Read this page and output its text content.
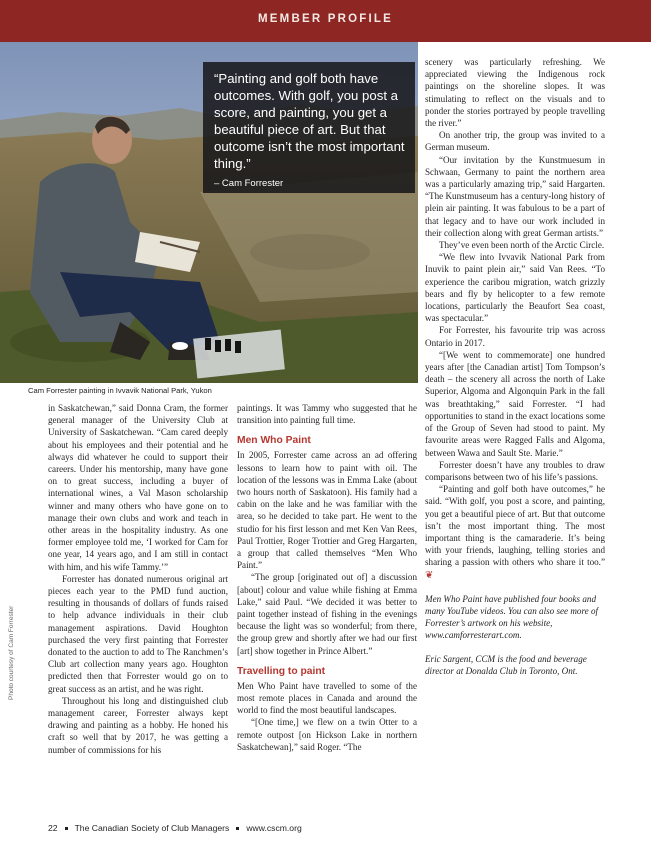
MEMBER PROFILE
“Painting and golf both have outcomes. With golf, you post a score, and painting, you get a beautiful piece of art. But that outcome isn’t the most important thing.”
– Cam Forrester
Cam Forrester painting in Ivvavik National Park, Yukon
Photo courtesy of Cam Forrester

in Saskatchewan,” said Donna Cram, the former general manager of the University Club at University of Saskatchewan. “Cam cared deeply about his employees and their potential and he always did whatever he could to support their careers. Under his mentorship, many have gone on to great success, including a buyer of international wines, a Val Mason scholarship winner and many others who have gone on to manage their own clubs and work and teach in other areas in the hospitality industry. As one former employee told me, ‘I worked for Cam for one year, 14 years ago, and I am still in contact with him, and his wife Tammy.’”

Forrester has donated numerous original art pieces each year to the PMD fund auction, resulting in thousands of dollars of funds raised to help advance individuals in their club management aspirations. David Houghton purchased the very first painting that Forrester donated to the auction to add to The Ranchmen’s Club art collection many years ago. Houghton predicted then that Forrester would go on to great success as an artist, and he was right.

Throughout his long and distinguished club management career, Forrester always kept drawing and painting as a hobby. He honed his craft so well that by 2017, he was getting a number of commissions for his

paintings. It was Tammy who suggested that he transition into painting full time.

Men Who Paint

In 2005, Forrester came across an ad offering lessons to learn how to paint with oil. The location of the lessons was in Emma Lake (about two hours north of Saskatoon). His family had a cabin on the lake and he was familiar with the area, so he decided to take part. He went to the studio for his first lesson and met Ken Van Rees, Paul Trottier, Roger Trottier and Greg Hargarten, a group that called themselves “Men Who Paint.”

“The group [originated out of] a discussion [about] colour and value while fishing at Emma Lake,” said Paul. “We decided it was better to paint together instead of fishing in the evenings because the light was so wonderful; from there, the group grew and shortly after we had our first [art] show together in Prince Albert.”

Travelling to paint

Men Who Paint have travelled to some of the most remote places in Canada and around the world to find the most beautiful landscapes.

“[One time,] we flew on a twin Otter to a remote outpost [on Hickson Lake in northern Saskatchewan],” said Roger. “The

scenery was particularly refreshing. We appreciated viewing the Indigenous rock paintings on the shoreline slopes. It was stimulating to reflect on the visuals and to ponder the stories portrayed by people travelling the river.”

On another trip, the group was invited to a German museum.

“Our invitation by the Kunstmuesum in Schwaan, Germany to paint the northern area was a particularly amazing trip,” said Hargarten. “The Kunstmuseum has a century-long history of plein air painting. It was fabulous to be a part of that legacy and to have our work included in their collection along with great German artists.”

They’ve even been north of the Arctic Circle.

“We flew into Ivvavik National Park from Inuvik to paint plein air,” said Van Rees. “To experience the caribou migration, watch grizzly bears and fly by helicopter to a few remote locations, particularly the Beaufort Sea coast, was spectacular.”

For Forrester, his favourite trip was across Ontario in 2017.

“[We went to commemorate] one hundred years after [the Canadian artist] Tom Tompson’s death – the scenery all across the north of Lake Superior, Algoma and Algonquin Park in the fall was breathtaking,” said Forrester. “I had opportunities to stand in the exact locations some of the Group of Seven had stood to paint. My favourite areas were Ragged Falls and Algoma, between Wawa and Sault Ste. Marie.”

Forrester doesn’t have any troubles to draw comparisons between two of his life’s passions.

“Painting and golf both have outcomes,” he said. “With golf, you post a score, and painting, you get a beautiful piece of art. But that outcome isn’t the most important thing. The most important thing is the camaraderie. It’s being with your friends, laughing, telling stories and sharing a passion with others who share it too.” ❦

Men Who Paint have published four books and many YouTube videos. You can also see more of Forrester’s artwork on his website, www.camforresterart.com.

Eric Sargent, CCM is the food and beverage director at Donalda Club in Toronto, Ont.

22 The Canadian Society of Club Managers www.cscm.org
